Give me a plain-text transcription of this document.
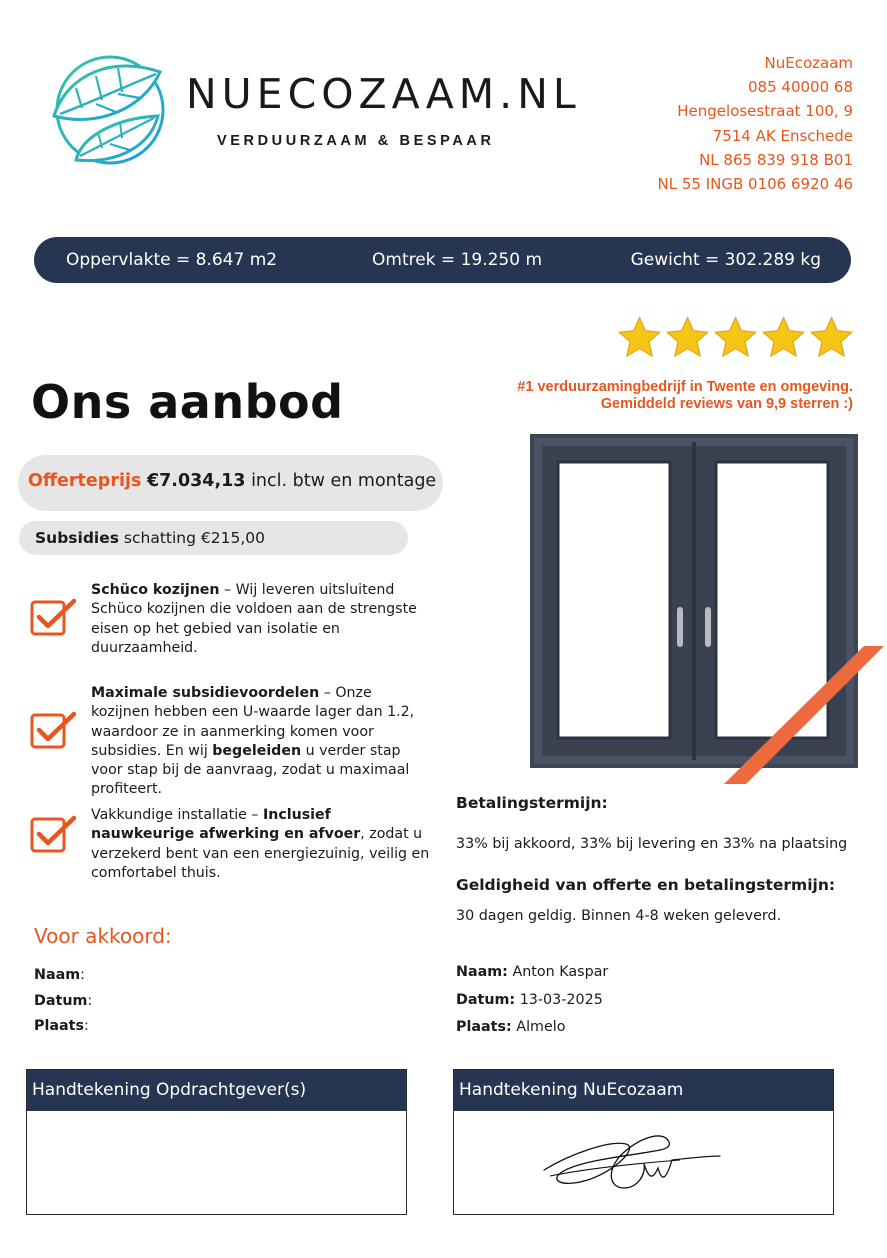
NUECOZAAM.NL
VERDUURZAAM & BESPAAR
NuEcozaam
085 40000 68
Hengelosestraat 100, 9
7514 AK Enschede
NL 865 839 918 B01
NL 55 INGB 0106 6920 46
Oppervlakte = 8.647 m2	Omtrek = 19.250 m	Gewicht = 302.289 kg
#1 verduurzamingbedrijf in Twente en omgeving.
Gemiddeld reviews van 9,9 sterren :)
Ons aanbod
Offerteprijs €7.034,13 incl. btw en montage
Subsidies schatting €215,00
Schüco kozijnen – Wij leveren uitsluitend Schüco kozijnen die voldoen aan de strengste eisen op het gebied van isolatie en duurzaamheid.
Maximale subsidievoordelen – Onze kozijnen hebben een U-waarde lager dan 1.2, waardoor ze in aanmerking komen voor subsidies. En wij begeleiden u verder stap voor stap bij de aanvraag, zodat u maximaal profiteert.
Vakkundige installatie – Inclusief nauwkeurige afwerking en afvoer, zodat u verzekerd bent van een energiezuinig, veilig en comfortabel thuis.
Betalingstermijn:
33% bij akkoord, 33% bij levering en 33% na plaatsing
Geldigheid van offerte en betalingstermijn:
30 dagen geldig. Binnen 4-8 weken geleverd.
Voor akkoord:
Naam:
Datum:
Plaats:
Naam: Anton Kaspar
Datum: 13-03-2025
Plaats: Almelo
Handtekening Opdrachtgever(s)	Handtekening NuEcozaam
